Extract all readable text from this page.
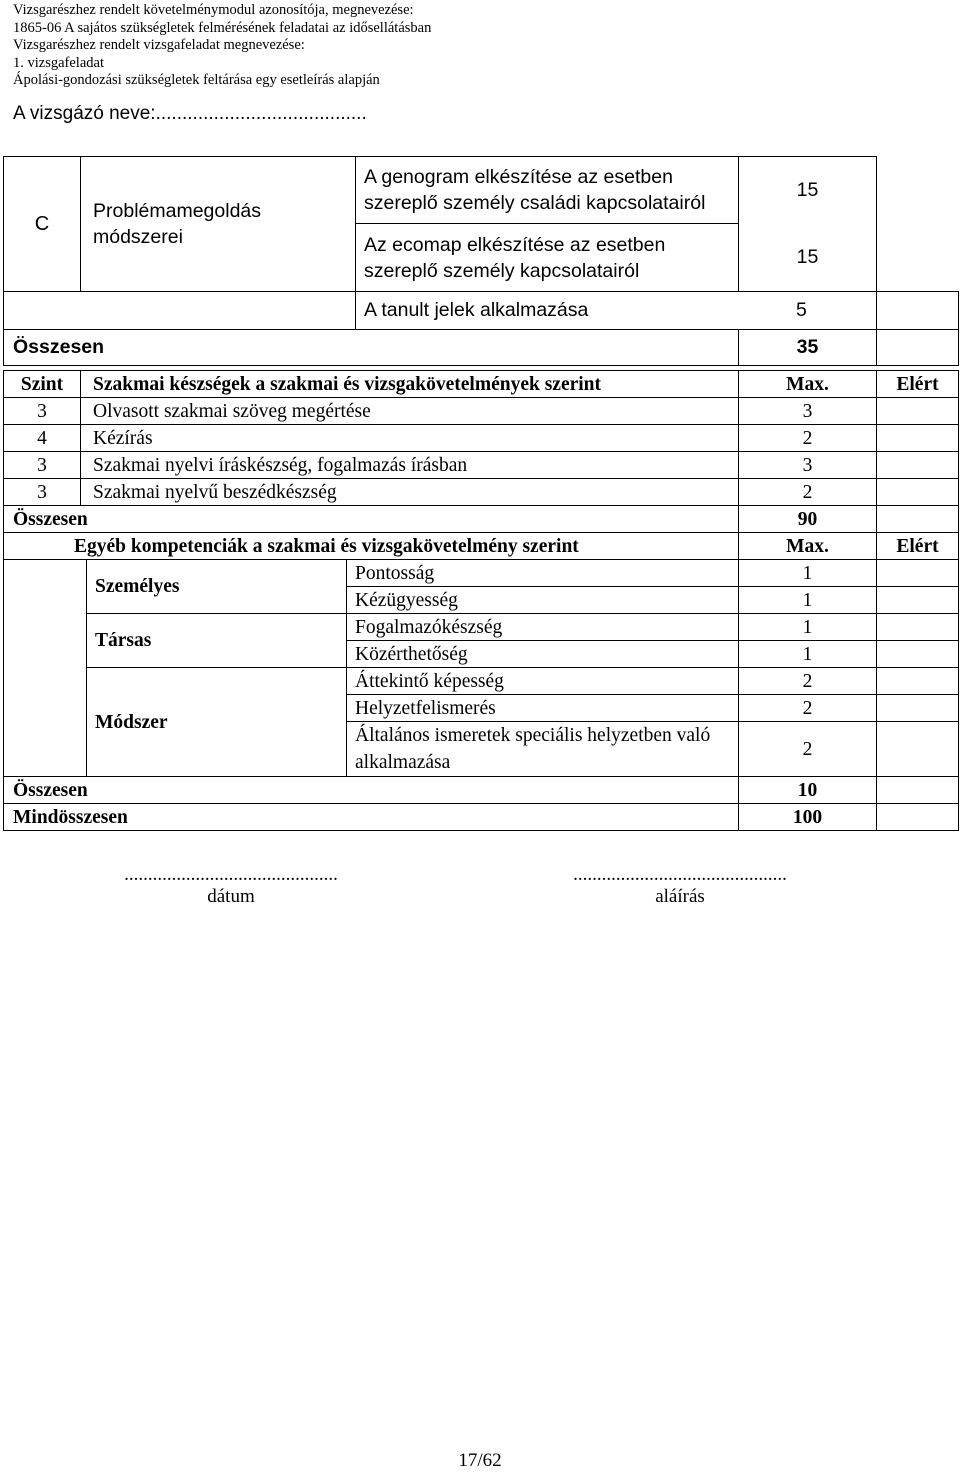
Vizsgarészhez rendelt követelménymodul azonosítója, megnevezése:
1865-06 A sajátos szükségletek felmérésének feladatai az idősellátásban
Vizsgarészhez rendelt vizsgafeladat megnevezése:
1. vizsgafeladat
Ápolási-gondozási szükségletek feltárása egy esetleírás alapján
A vizsgázó neve:........................................
C	Problémamegoldás módszerei	A genogram elkészítése az esetben szereplő személy családi kapcsolatairól	15	
		Az ecomap elkészítése az esetben szereplő személy kapcsolatairól	15	
		A tanult jelek alkalmazása 5		

Összesen			35	
Szint	Szakmai készségek a szakmai és vizsgakövetelmények szerint	Max.	Elért
3	Olvasott szakmai szöveg megértése	3	
4	Kézírás	2	
3	Szakmai nyelvi íráskészség, fogalmazás írásban	3	
3	Szakmai nyelvű beszédkészség	2	
Összesen		90	
Egyéb kompetenciák a szakmai és vizsgakövetelmény szerint			Max.	Elért
	Személyes	Pontosság	1	
		Kézügyesség	1	
	Társas	Fogalmazókészség	1	
		Közérthetőség	1	
	Módszer	Áttekintő képesség	2	
		Helyzetfelismerés	2	
		Általános ismeretek speciális helyzetben való alkalmazása	2	
Összesen			10	
Mindösszesen			100	
.............................................
dátum
.............................................
aláírás
17/62
